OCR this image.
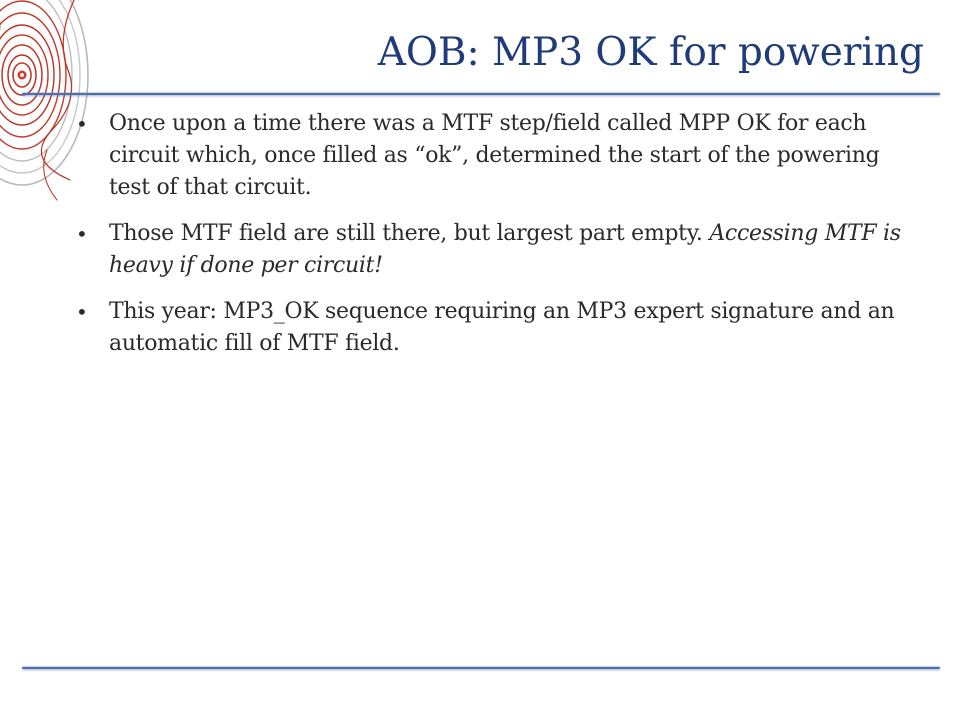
AOB: MP3 OK for powering
• Once upon a time there was a MTF step/field called MPP OK for each circuit which, once filled as “ok”, determined the start of the powering test of that circuit.
• Those MTF field are still there, but largest part empty. Accessing MTF is heavy if done per circuit!
• This year: MP3_OK sequence requiring an MP3 expert signature and an automatic fill of MTF field.
